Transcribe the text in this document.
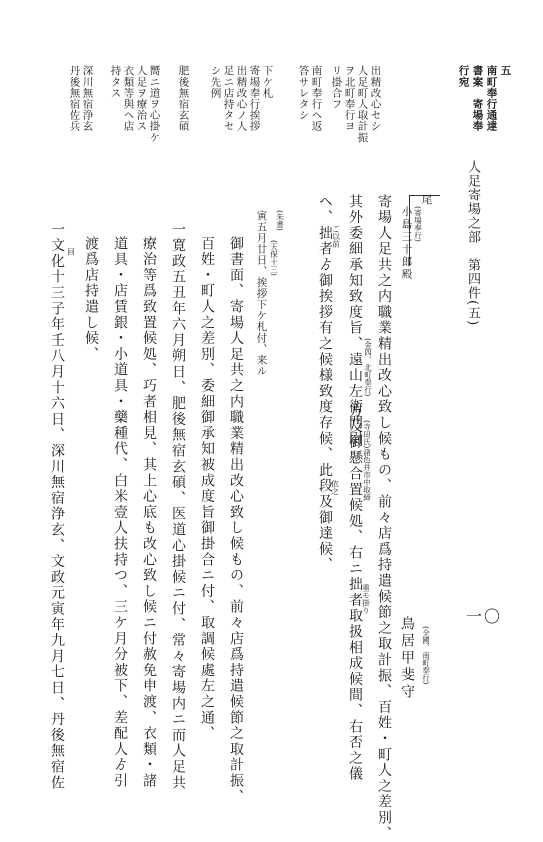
人足寄場之部　第四件(五)
一〇
五
南町奉行通達
書案　寄場奉
行宛
出精改心セシ
人足町人取計振
ヲ北町奉行ヨ
リ掛合フ
南町奉行ヘ返
答サレタシ
下ケ札
寄場奉行挨拶
出精改心ノ人
足ニ店持タセ
シ先例
肥後無宿玄碩
嚮ニ道ヲ心掛ケ
人足ヲ療治ス
衣類等與ヘ店
持タス
深川無宿浄玄
丹後無宿佐兵
尾
(寄場奉行)
小島三十郎殿
(全國、南町奉行)
鳥居甲斐守
寄場人足共之内職業精出改心致し候もの、前々店爲持遣候節之取計振、百姓・町人之差別、
其外委細承知致度旨、遠山左衛門尉 (金四、北町奉行)
方及御懸合置候処、右ニ拙者取扱相成候間、右否之儀 (寺田氏)諸色并市中取締
重モ掛り
ヘ、拙者ゟ御挨拶有之候様致度存候、此段及御達候、
ご以前
依之
(朱書)
(天保十三)
寅五月廿日、挨拶下ケ札付、来ル
御書面、寄場人足共之内職業精出改心致し候もの、前々店爲持遣候節之取計振、
百姓・町人之差別、委細御承知被成度旨御掛合ニ付、取調候處左之通、
一寛政五丑年六月朔日、肥後無宿玄碩、医道心掛候ニ付、常々寄場内ニ而人足共
療治等爲致置候処、巧者相見、其上心底も改心致し候ニ付赦免申渡、衣類・諸
道具・店賃銀・小道具・藥種代、白米壹人扶持つ、三ケ月分被下、差配人ゟ引
渡爲店持遣し候、
回
一文化十三子年壬八月十六日、深川無宿浄玄、文政元寅年九月七日、丹後無宿佐
